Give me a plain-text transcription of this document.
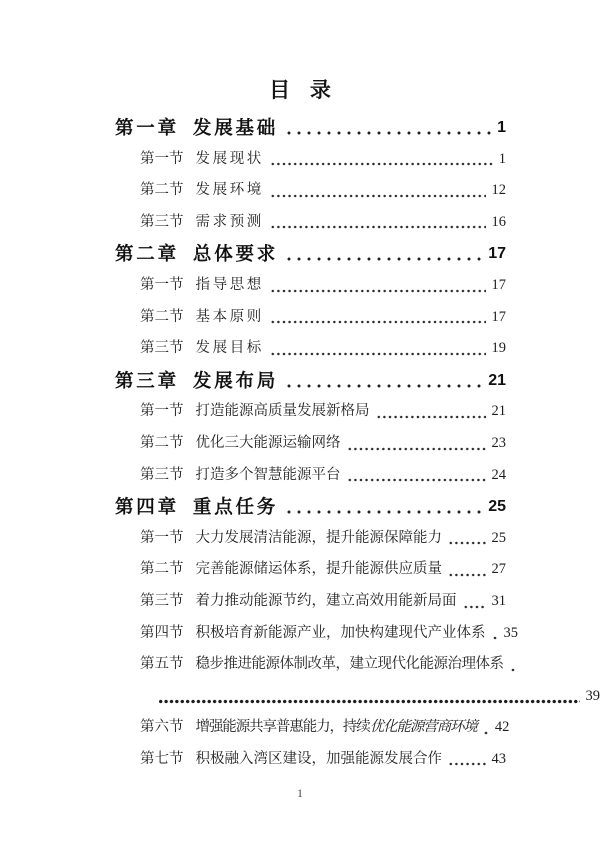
目 录
第一章 发展基础	1
第一节 发展现状	1
第二节 发展环境	12
第三节 需求预测	16
第二章 总体要求	17
第一节 指导思想	17
第二节 基本原则	17
第三节 发展目标	19
第三章 发展布局	21
第一节 打造能源高质量发展新格局	21
第二节 优化三大能源运输网络	23
第三节 打造多个智慧能源平台	24
第四章 重点任务	25
第一节 大力发展清洁能源，提升能源保障能力	25
第二节 完善能源储运体系，提升能源供应质量	27
第三节 着力推动能源节约，建立高效用能新局面 31
第四节 积极培育新能源产业，加快构建现代产业体系 35
第五节 稳步推进能源体制改革，建立现代化能源治理体系
39
第六节 增强能源共享普惠能力，持续 优化能源营商环境 42
第七节 积极融入湾区建设，加强能源发展合作	43
1
